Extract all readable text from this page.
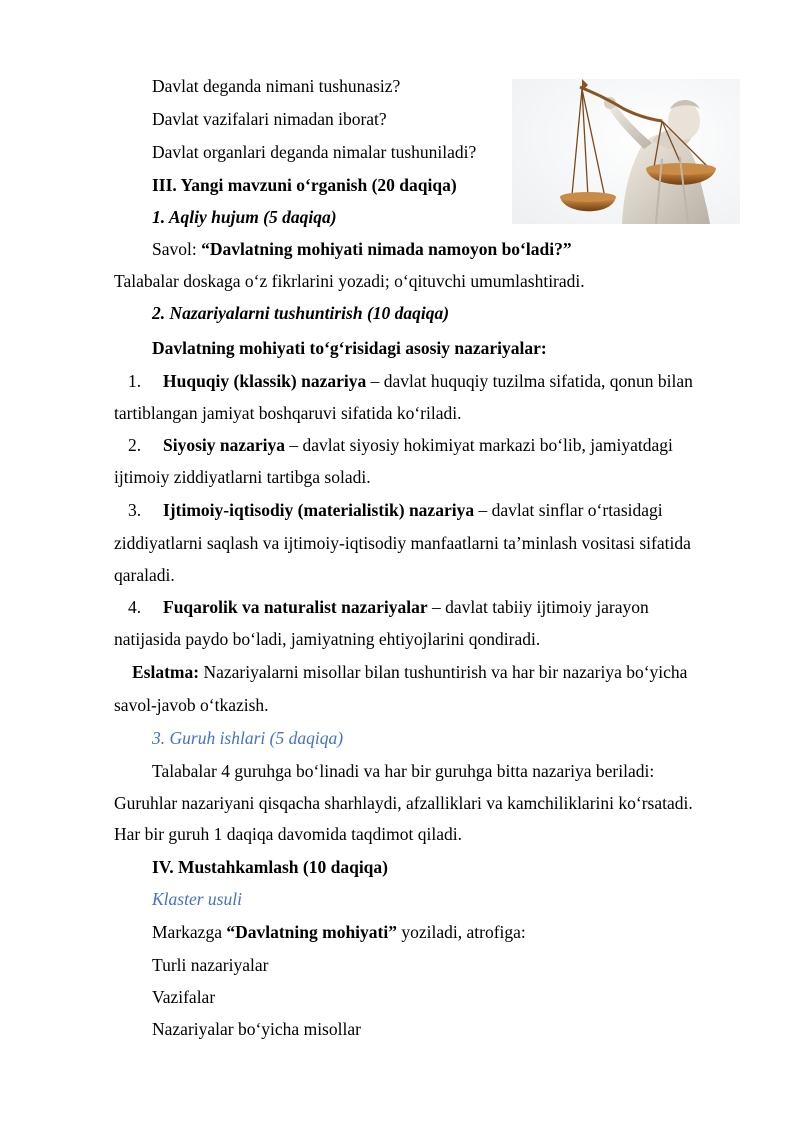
Davlat deganda nimani tushunasiz?
Davlat vazifalari nimadan iborat?
Davlat organlari deganda nimalar tushuniladi?
III. Yangi mavzuni o‘rganish (20 daqiqa)
1. Aqliy hujum (5 daqiqa)
Savol: “Davlatning mohiyati nimada namoyon bo‘ladi?”
Talabalar doskaga o‘z fikrlarini yozadi; o‘qituvchi umumlashtiradi.
2. Nazariyalarni tushuntirish (10 daqiqa)
Davlatning mohiyati to‘g‘risidagi asosiy nazariyalar:
1. Huquqiy (klassik) nazariya – davlat huquqiy tuzilma sifatida, qonun bilan
tartiblangan jamiyat boshqaruvi sifatida ko‘riladi.
2. Siyosiy nazariya – davlat siyosiy hokimiyat markazi bo‘lib, jamiyatdagi
ijtimoiy ziddiyatlarni tartibga soladi.
3. Ijtimoiy-iqtisodiy (materialistik) nazariya – davlat sinflar o‘rtasidagi
ziddiyatlarni saqlash va ijtimoiy-iqtisodiy manfaatlarni ta’minlash vositasi sifatida
qaraladi.
4. Fuqarolik va naturalist nazariyalar – davlat tabiiy ijtimoiy jarayon
natijasida paydo bo‘ladi, jamiyatning ehtiyojlarini qondiradi.
Eslatma: Nazariyalarni misollar bilan tushuntirish va har bir nazariya bo‘yicha
savol-javob o‘tkazish.
3. Guruh ishlari (5 daqiqa)
Talabalar 4 guruhga bo‘linadi va har bir guruhga bitta nazariya beriladi:
Guruhlar nazariyani qisqacha sharhlaydi, afzalliklari va kamchiliklarini ko‘rsatadi.
Har bir guruh 1 daqiqa davomida taqdimot qiladi.
IV. Mustahkamlash (10 daqiqa)
Klaster usuli
Markazga “Davlatning mohiyati” yoziladi, atrofiga:
Turli nazariyalar
Vazifalar
Nazariyalar bo‘yicha misollar
